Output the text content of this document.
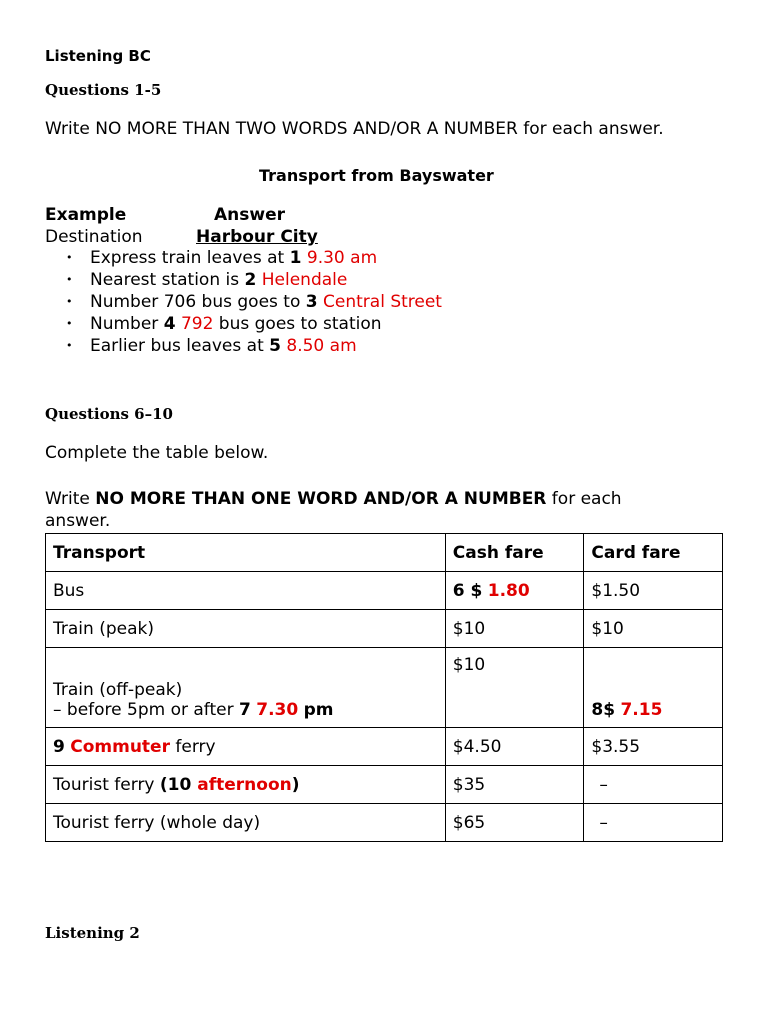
Listening BC
Questions 1-5
Write NO MORE THAN TWO WORDS AND/OR A NUMBER for each answer.
Transport from Bayswater
Example	Answer
Destination	Harbour City
• Express train leaves at 1 9.30 am
• Nearest station is 2 Helendale
• Number 706 bus goes to 3 Central Street
• Number 4 792 bus goes to station
• Earlier bus leaves at 5 8.50 am
Questions 6–10
Complete the table below.
Write NO MORE THAN ONE WORD AND/OR A NUMBER for each
answer.
Transport	Cash fare	Card fare
Bus	6 $ 1.80	$1.50
Train (peak)	$10	$10

Train (off-peak)
– before 5pm or after 7 7.30 pm	$10	8$ 7.15
9 Commuter ferry	$4.50	$3.55
Tourist ferry (10 afternoon)	$35	–
Tourist ferry (whole day)	$65	–
Listening 2
